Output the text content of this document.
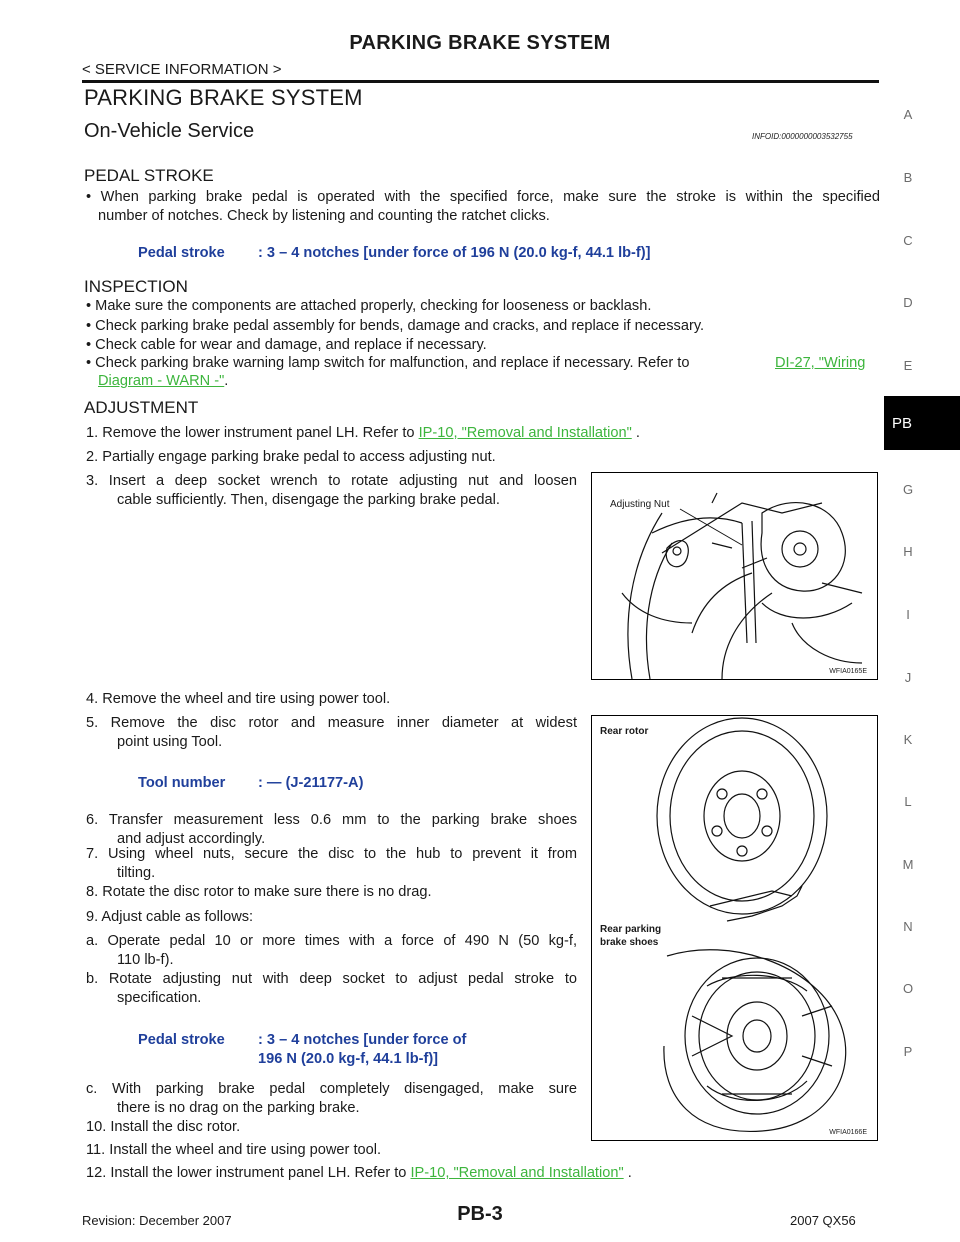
PARKING BRAKE SYSTEM
< SERVICE INFORMATION >
PARKING BRAKE SYSTEM
On-Vehicle Service	INFOID:0000000003532755
A
B
C
D
E
PB
G
H
I
J
K
L
M
N
O
P
PEDAL STROKE
• When parking brake pedal is operated with the specified force, make sure the stroke is within the specified
number of notches. Check by listening and counting the ratchet clicks.
Pedal stroke : 3 – 4 notches [under force of 196 N (20.0 kg-f, 44.1 lb-f)]
INSPECTION
• Make sure the components are attached properly, checking for looseness or backlash.
• Check parking brake pedal assembly for bends, damage and cracks, and replace if necessary.
• Check cable for wear and damage, and replace if necessary.
• Check parking brake warning lamp switch for malfunction, and replace if necessary. Refer to	DI-27, "Wiring
Diagram - WARN -".
ADJUSTMENT
1. Remove the lower instrument panel LH. Refer to IP-10, "Removal and Installation" .
2. Partially engage parking brake pedal to access adjusting nut.
3. Insert a deep socket wrench to rotate adjusting nut and loosen
cable sufficiently. Then, disengage the parking brake pedal.	Adjusting Nut
WFIA0165E
4. Remove the wheel and tire using power tool.
5. Remove the disc rotor and measure inner diameter at widest
point using Tool.
Tool number : — (J-21177-A)
6. Transfer measurement less 0.6 mm to the parking brake shoes
and adjust accordingly.
7. Using wheel nuts, secure the disc to the hub to prevent it from
tilting.
8. Rotate the disc rotor to make sure there is no drag.
9. Adjust cable as follows:
a. Operate pedal 10 or more times with a force of 490 N (50 kg-f,
110 lb-f).
b. Rotate adjusting nut with deep socket to adjust pedal stroke to
specification.
Pedal stroke : 3 – 4 notches [under force of
196 N (20.0 kg-f, 44.1 lb-f)]
c. With parking brake pedal completely disengaged, make sure
there is no drag on the parking brake.
10. Install the disc rotor.
11. Install the wheel and tire using power tool.
12. Install the lower instrument panel LH. Refer to IP-10, "Removal and Installation" .
Rear rotor
Rear parking
brake shoes
WFIA0166E
Revision: December 2007	PB-3	2007 QX56
